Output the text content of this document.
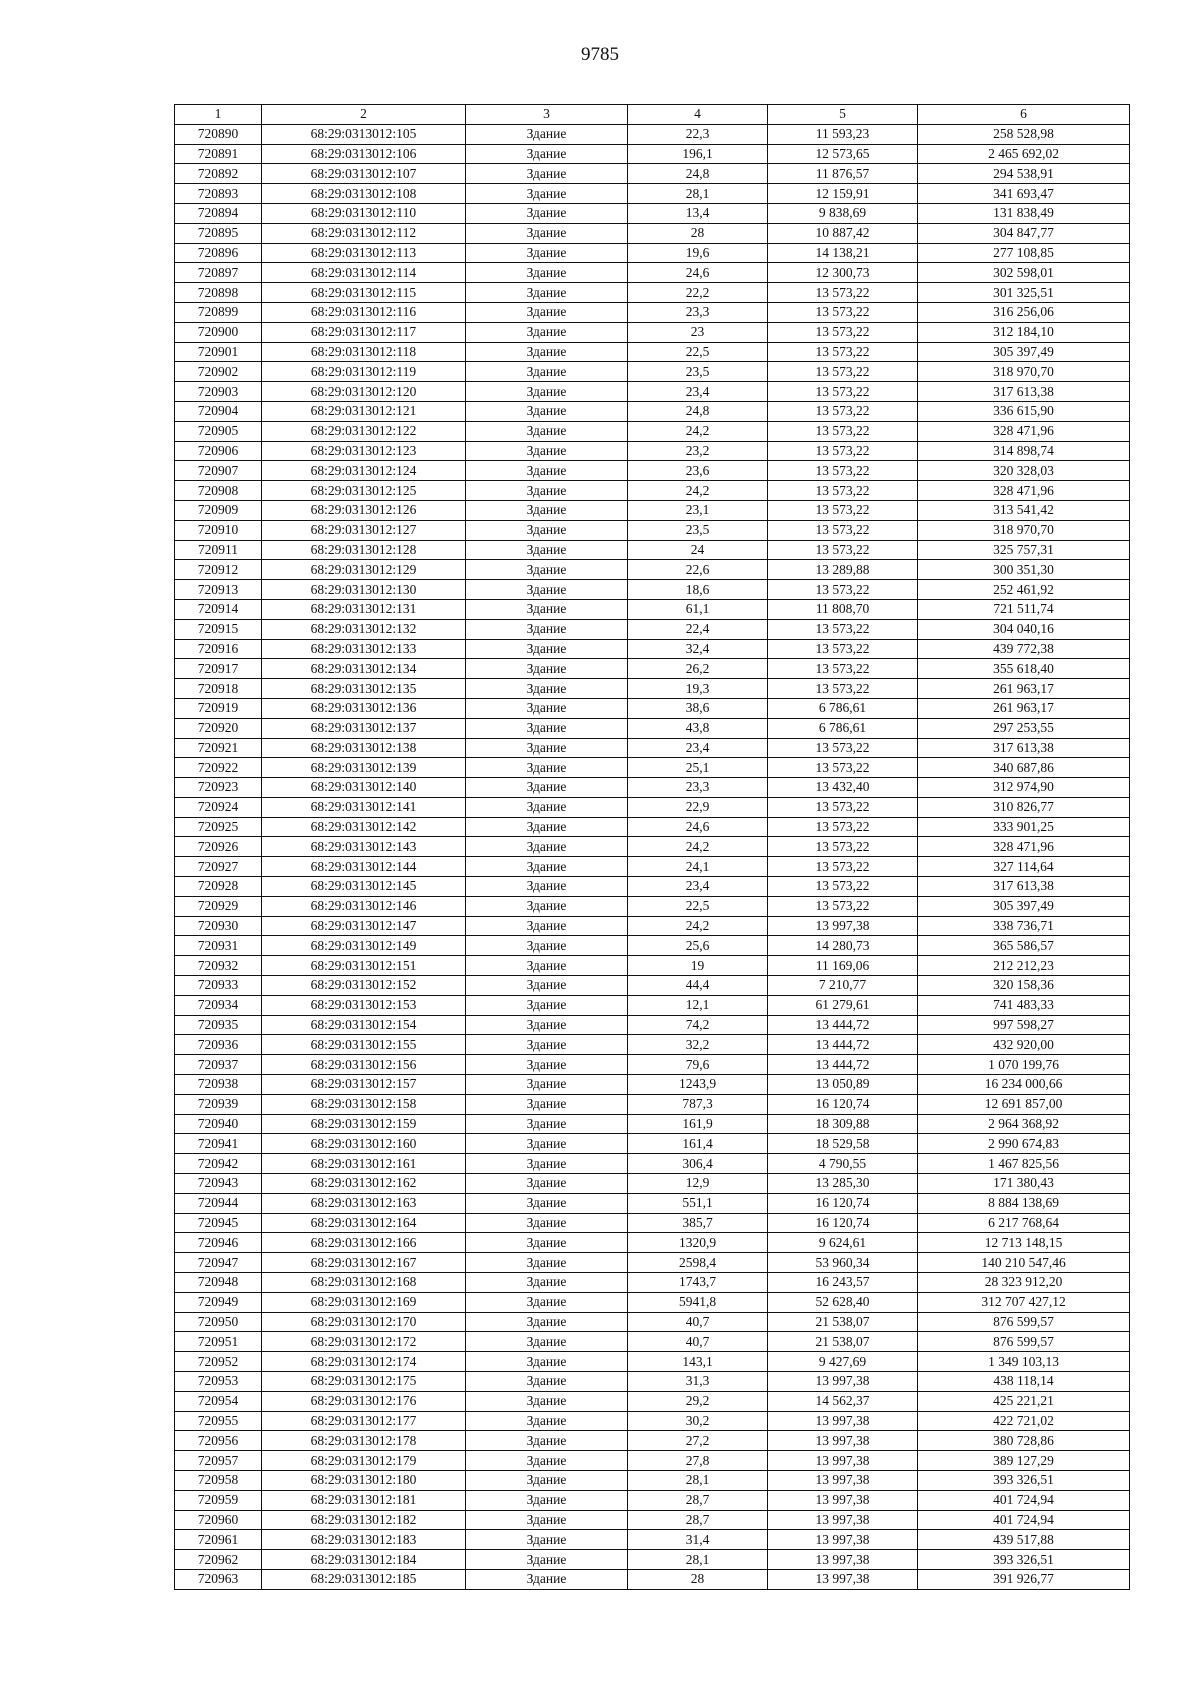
9785
1	2	3	4	5	6
720890	68:29:0313012:105	Здание	22,3	11 593,23	258 528,98
720891	68:29:0313012:106	Здание	196,1	12 573,65	2 465 692,02
720892	68:29:0313012:107	Здание	24,8	11 876,57	294 538,91
720893	68:29:0313012:108	Здание	28,1	12 159,91	341 693,47
720894	68:29:0313012:110	Здание	13,4	9 838,69	131 838,49
720895	68:29:0313012:112	Здание	28	10 887,42	304 847,77
720896	68:29:0313012:113	Здание	19,6	14 138,21	277 108,85
720897	68:29:0313012:114	Здание	24,6	12 300,73	302 598,01
720898	68:29:0313012:115	Здание	22,2	13 573,22	301 325,51
720899	68:29:0313012:116	Здание	23,3	13 573,22	316 256,06
720900	68:29:0313012:117	Здание	23	13 573,22	312 184,10
720901	68:29:0313012:118	Здание	22,5	13 573,22	305 397,49
720902	68:29:0313012:119	Здание	23,5	13 573,22	318 970,70
720903	68:29:0313012:120	Здание	23,4	13 573,22	317 613,38
720904	68:29:0313012:121	Здание	24,8	13 573,22	336 615,90
720905	68:29:0313012:122	Здание	24,2	13 573,22	328 471,96
720906	68:29:0313012:123	Здание	23,2	13 573,22	314 898,74
720907	68:29:0313012:124	Здание	23,6	13 573,22	320 328,03
720908	68:29:0313012:125	Здание	24,2	13 573,22	328 471,96
720909	68:29:0313012:126	Здание	23,1	13 573,22	313 541,42
720910	68:29:0313012:127	Здание	23,5	13 573,22	318 970,70
720911	68:29:0313012:128	Здание	24	13 573,22	325 757,31
720912	68:29:0313012:129	Здание	22,6	13 289,88	300 351,30
720913	68:29:0313012:130	Здание	18,6	13 573,22	252 461,92
720914	68:29:0313012:131	Здание	61,1	11 808,70	721 511,74
720915	68:29:0313012:132	Здание	22,4	13 573,22	304 040,16
720916	68:29:0313012:133	Здание	32,4	13 573,22	439 772,38
720917	68:29:0313012:134	Здание	26,2	13 573,22	355 618,40
720918	68:29:0313012:135	Здание	19,3	13 573,22	261 963,17
720919	68:29:0313012:136	Здание	38,6	6 786,61	261 963,17
720920	68:29:0313012:137	Здание	43,8	6 786,61	297 253,55
720921	68:29:0313012:138	Здание	23,4	13 573,22	317 613,38
720922	68:29:0313012:139	Здание	25,1	13 573,22	340 687,86
720923	68:29:0313012:140	Здание	23,3	13 432,40	312 974,90
720924	68:29:0313012:141	Здание	22,9	13 573,22	310 826,77
720925	68:29:0313012:142	Здание	24,6	13 573,22	333 901,25
720926	68:29:0313012:143	Здание	24,2	13 573,22	328 471,96
720927	68:29:0313012:144	Здание	24,1	13 573,22	327 114,64
720928	68:29:0313012:145	Здание	23,4	13 573,22	317 613,38
720929	68:29:0313012:146	Здание	22,5	13 573,22	305 397,49
720930	68:29:0313012:147	Здание	24,2	13 997,38	338 736,71
720931	68:29:0313012:149	Здание	25,6	14 280,73	365 586,57
720932	68:29:0313012:151	Здание	19	11 169,06	212 212,23
720933	68:29:0313012:152	Здание	44,4	7 210,77	320 158,36
720934	68:29:0313012:153	Здание	12,1	61 279,61	741 483,33
720935	68:29:0313012:154	Здание	74,2	13 444,72	997 598,27
720936	68:29:0313012:155	Здание	32,2	13 444,72	432 920,00
720937	68:29:0313012:156	Здание	79,6	13 444,72	1 070 199,76
720938	68:29:0313012:157	Здание	1243,9	13 050,89	16 234 000,66
720939	68:29:0313012:158	Здание	787,3	16 120,74	12 691 857,00
720940	68:29:0313012:159	Здание	161,9	18 309,88	2 964 368,92
720941	68:29:0313012:160	Здание	161,4	18 529,58	2 990 674,83
720942	68:29:0313012:161	Здание	306,4	4 790,55	1 467 825,56
720943	68:29:0313012:162	Здание	12,9	13 285,30	171 380,43
720944	68:29:0313012:163	Здание	551,1	16 120,74	8 884 138,69
720945	68:29:0313012:164	Здание	385,7	16 120,74	6 217 768,64
720946	68:29:0313012:166	Здание	1320,9	9 624,61	12 713 148,15
720947	68:29:0313012:167	Здание	2598,4	53 960,34	140 210 547,46
720948	68:29:0313012:168	Здание	1743,7	16 243,57	28 323 912,20
720949	68:29:0313012:169	Здание	5941,8	52 628,40	312 707 427,12
720950	68:29:0313012:170	Здание	40,7	21 538,07	876 599,57
720951	68:29:0313012:172	Здание	40,7	21 538,07	876 599,57
720952	68:29:0313012:174	Здание	143,1	9 427,69	1 349 103,13
720953	68:29:0313012:175	Здание	31,3	13 997,38	438 118,14
720954	68:29:0313012:176	Здание	29,2	14 562,37	425 221,21
720955	68:29:0313012:177	Здание	30,2	13 997,38	422 721,02
720956	68:29:0313012:178	Здание	27,2	13 997,38	380 728,86
720957	68:29:0313012:179	Здание	27,8	13 997,38	389 127,29
720958	68:29:0313012:180	Здание	28,1	13 997,38	393 326,51
720959	68:29:0313012:181	Здание	28,7	13 997,38	401 724,94
720960	68:29:0313012:182	Здание	28,7	13 997,38	401 724,94
720961	68:29:0313012:183	Здание	31,4	13 997,38	439 517,88
720962	68:29:0313012:184	Здание	28,1	13 997,38	393 326,51
720963	68:29:0313012:185	Здание	28	13 997,38	391 926,77
